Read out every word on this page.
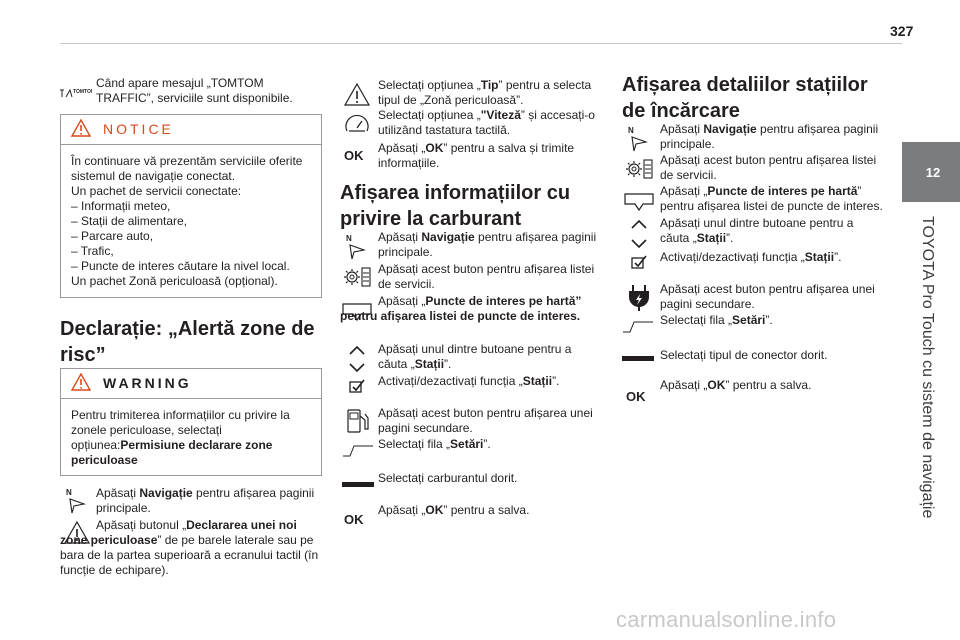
327
12
TOYOTA Pro Touch cu sistem de navigație
TOMTO
Când apare mesajul „TOMTOM TRAFFIC”, serviciile sunt disponibile.
NOTICE
În continuare vă prezentăm serviciile oferite sistemul de navigație conectat.
Un pachet de servicii conectate:
– Informații meteo,
– Stații de alimentare,
– Parcare auto,
– Trafic,
– Puncte de interes căutare la nivel local.
Un pachet Zonă periculoasă (opțional).
Declarație: „Alertă zone de risc”
WARNING
Pentru trimiterea informațiilor cu privire la zonele periculoase, selectați opțiunea:Permisiune declarare zone periculoase
N Apăsați Navigație pentru afișarea paginii principale.
Apăsați butonul „Declararea unei noi zone periculoase” de pe barele laterale sau pe bara de la partea superioară a ecranului tactil (în funcție de echipare).
Selectați opțiunea „Tip” pentru a selecta tipul de „Zonă periculoasă”.
Selectați opțiunea „"Viteză” și accesați-o utilizând tastatura tactilă.
OK Apăsați „OK” pentru a salva și trimite informațiile.
Afișarea informațiilor cu privire la carburant
N Apăsați Navigație pentru afișarea paginii principale.
Apăsați acest buton pentru afișarea listei de servicii.
Apăsați „Puncte de interes pe hartă” pentru afișarea listei de puncte de interes.
Apăsați unul dintre butoane pentru a căuta „Stații”.
Activați/dezactivați funcția „Stații”.
Apăsați acest buton pentru afișarea unei pagini secundare.
Selectați fila „Setări”.
Selectați carburantul dorit.
OK
Apăsați „OK” pentru a salva.
Afișarea detaliilor stațiilor de încărcare
N Apăsați Navigație pentru afișarea paginii principale.
Apăsați acest buton pentru afișarea listei de servicii.
Apăsați „Puncte de interes pe hartă” pentru afișarea listei de puncte de interes.
Apăsați unul dintre butoane pentru a căuta „Stații”.
Activați/dezactivați funcția „Stații”.
Apăsați acest buton pentru afișarea unei pagini secundare.
Selectați fila „Setări”.
Selectați tipul de conector dorit.
OK
Apăsați „OK” pentru a salva.
carmanualsonline.info
